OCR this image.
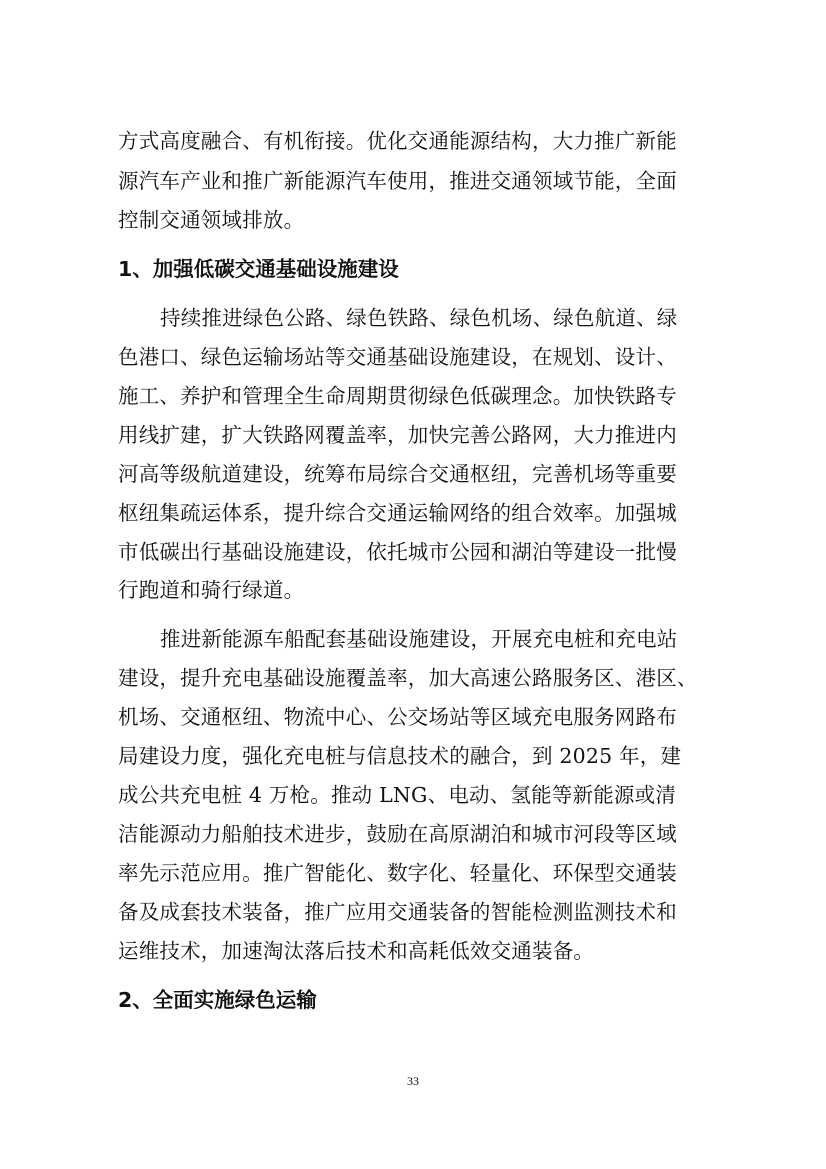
方式高度融合、有机衔接。优化交通能源结构，大力推广新能
源汽车产业和推广新能源汽车使用，推进交通领域节能，全面
控制交通领域排放。
1、加强低碳交通基础设施建设
持续推进绿色公路、绿色铁路、绿色机场、绿色航道、绿
色港口、绿色运输场站等交通基础设施建设，在规划、设计、
施工、养护和管理全生命周期贯彻绿色低碳理念。加快铁路专
用线扩建，扩大铁路网覆盖率，加快完善公路网，大力推进内
河高等级航道建设，统筹布局综合交通枢纽，完善机场等重要
枢纽集疏运体系，提升综合交通运输网络的组合效率。加强城
市低碳出行基础设施建设，依托城市公园和湖泊等建设一批慢
行跑道和骑行绿道。
推进新能源车船配套基础设施建设，开展充电桩和充电站
建设，提升充电基础设施覆盖率，加大高速公路服务区、港区、
机场、交通枢纽、物流中心、公交场站等区域充电服务网路布
局建设力度，强化充电桩与信息技术的融合，到 2025 年，建
成公共充电桩 4 万枪。推动 LNG、电动、氢能等新能源或清
洁能源动力船舶技术进步，鼓励在高原湖泊和城市河段等区域
率先示范应用。推广智能化、数字化、轻量化、环保型交通装
备及成套技术装备，推广应用交通装备的智能检测监测技术和
运维技术，加速淘汰落后技术和高耗低效交通装备。
2、全面实施绿色运输
33
